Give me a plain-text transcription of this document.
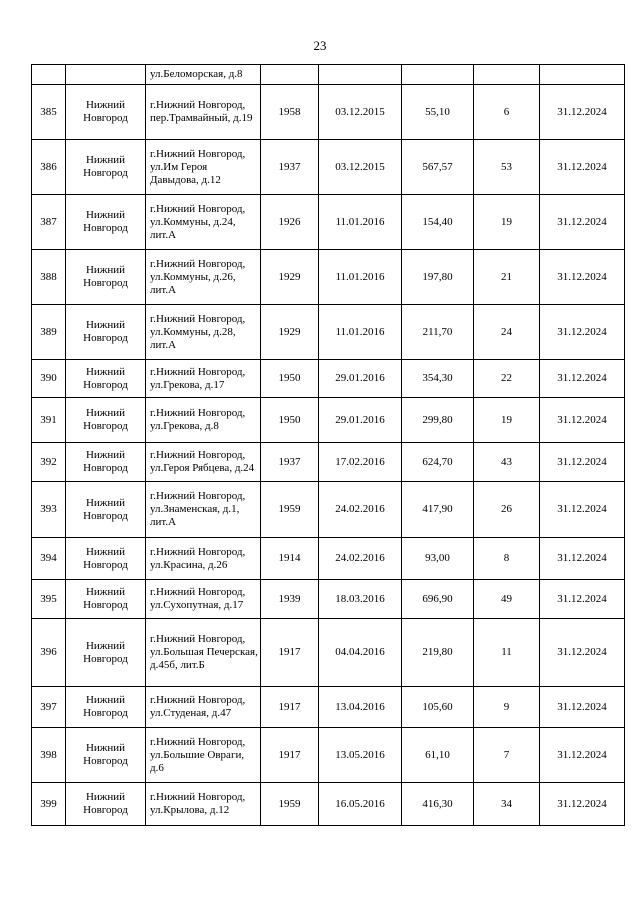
23
		ул.Беломорская, д.8					
385	Нижний Новгород	г.Нижний Новгород, пер.Трамвайный, д.19	1958	03.12.2015	55,10	6	31.12.2024
386	Нижний Новгород	г.Нижний Новгород, ул.Им Героя Давыдова, д.12	1937	03.12.2015	567,57	53	31.12.2024
387	Нижний Новгород	г.Нижний Новгород, ул.Коммуны, д.24, лит.А	1926	11.01.2016	154,40	19	31.12.2024
388	Нижний Новгород	г.Нижний Новгород, ул.Коммуны, д.26, лит.А	1929	11.01.2016	197,80	21	31.12.2024
389	Нижний Новгород	г.Нижний Новгород, ул.Коммуны, д.28, лит.А	1929	11.01.2016	211,70	24	31.12.2024
390	Нижний Новгород	г.Нижний Новгород, ул.Грекова, д.17	1950	29.01.2016	354,30	22	31.12.2024
391	Нижний Новгород	г.Нижний Новгород, ул.Грекова, д.8	1950	29.01.2016	299,80	19	31.12.2024
392	Нижний Новгород	г.Нижний Новгород, ул.Героя Рябцева, д.24	1937	17.02.2016	624,70	43	31.12.2024
393	Нижний Новгород	г.Нижний Новгород, ул.Знаменская, д.1, лит.А	1959	24.02.2016	417,90	26	31.12.2024
394	Нижний Новгород	г.Нижний Новгород, ул.Красина, д.26	1914	24.02.2016	93,00	8	31.12.2024
395	Нижний Новгород	г.Нижний Новгород, ул.Сухопутная, д.17	1939	18.03.2016	696,90	49	31.12.2024
396	Нижний Новгород	г.Нижний Новгород, ул.Большая Печерская, д.45б, лит.Б	1917	04.04.2016	219,80	11	31.12.2024
397	Нижний Новгород	г.Нижний Новгород, ул.Студеная, д.47	1917	13.04.2016	105,60	9	31.12.2024
398	Нижний Новгород	г.Нижний Новгород, ул.Большие Овраги, д.6	1917	13.05.2016	61,10	7	31.12.2024
399	Нижний Новгород	г.Нижний Новгород, ул.Крылова, д.12	1959	16.05.2016	416,30	34	31.12.2024
